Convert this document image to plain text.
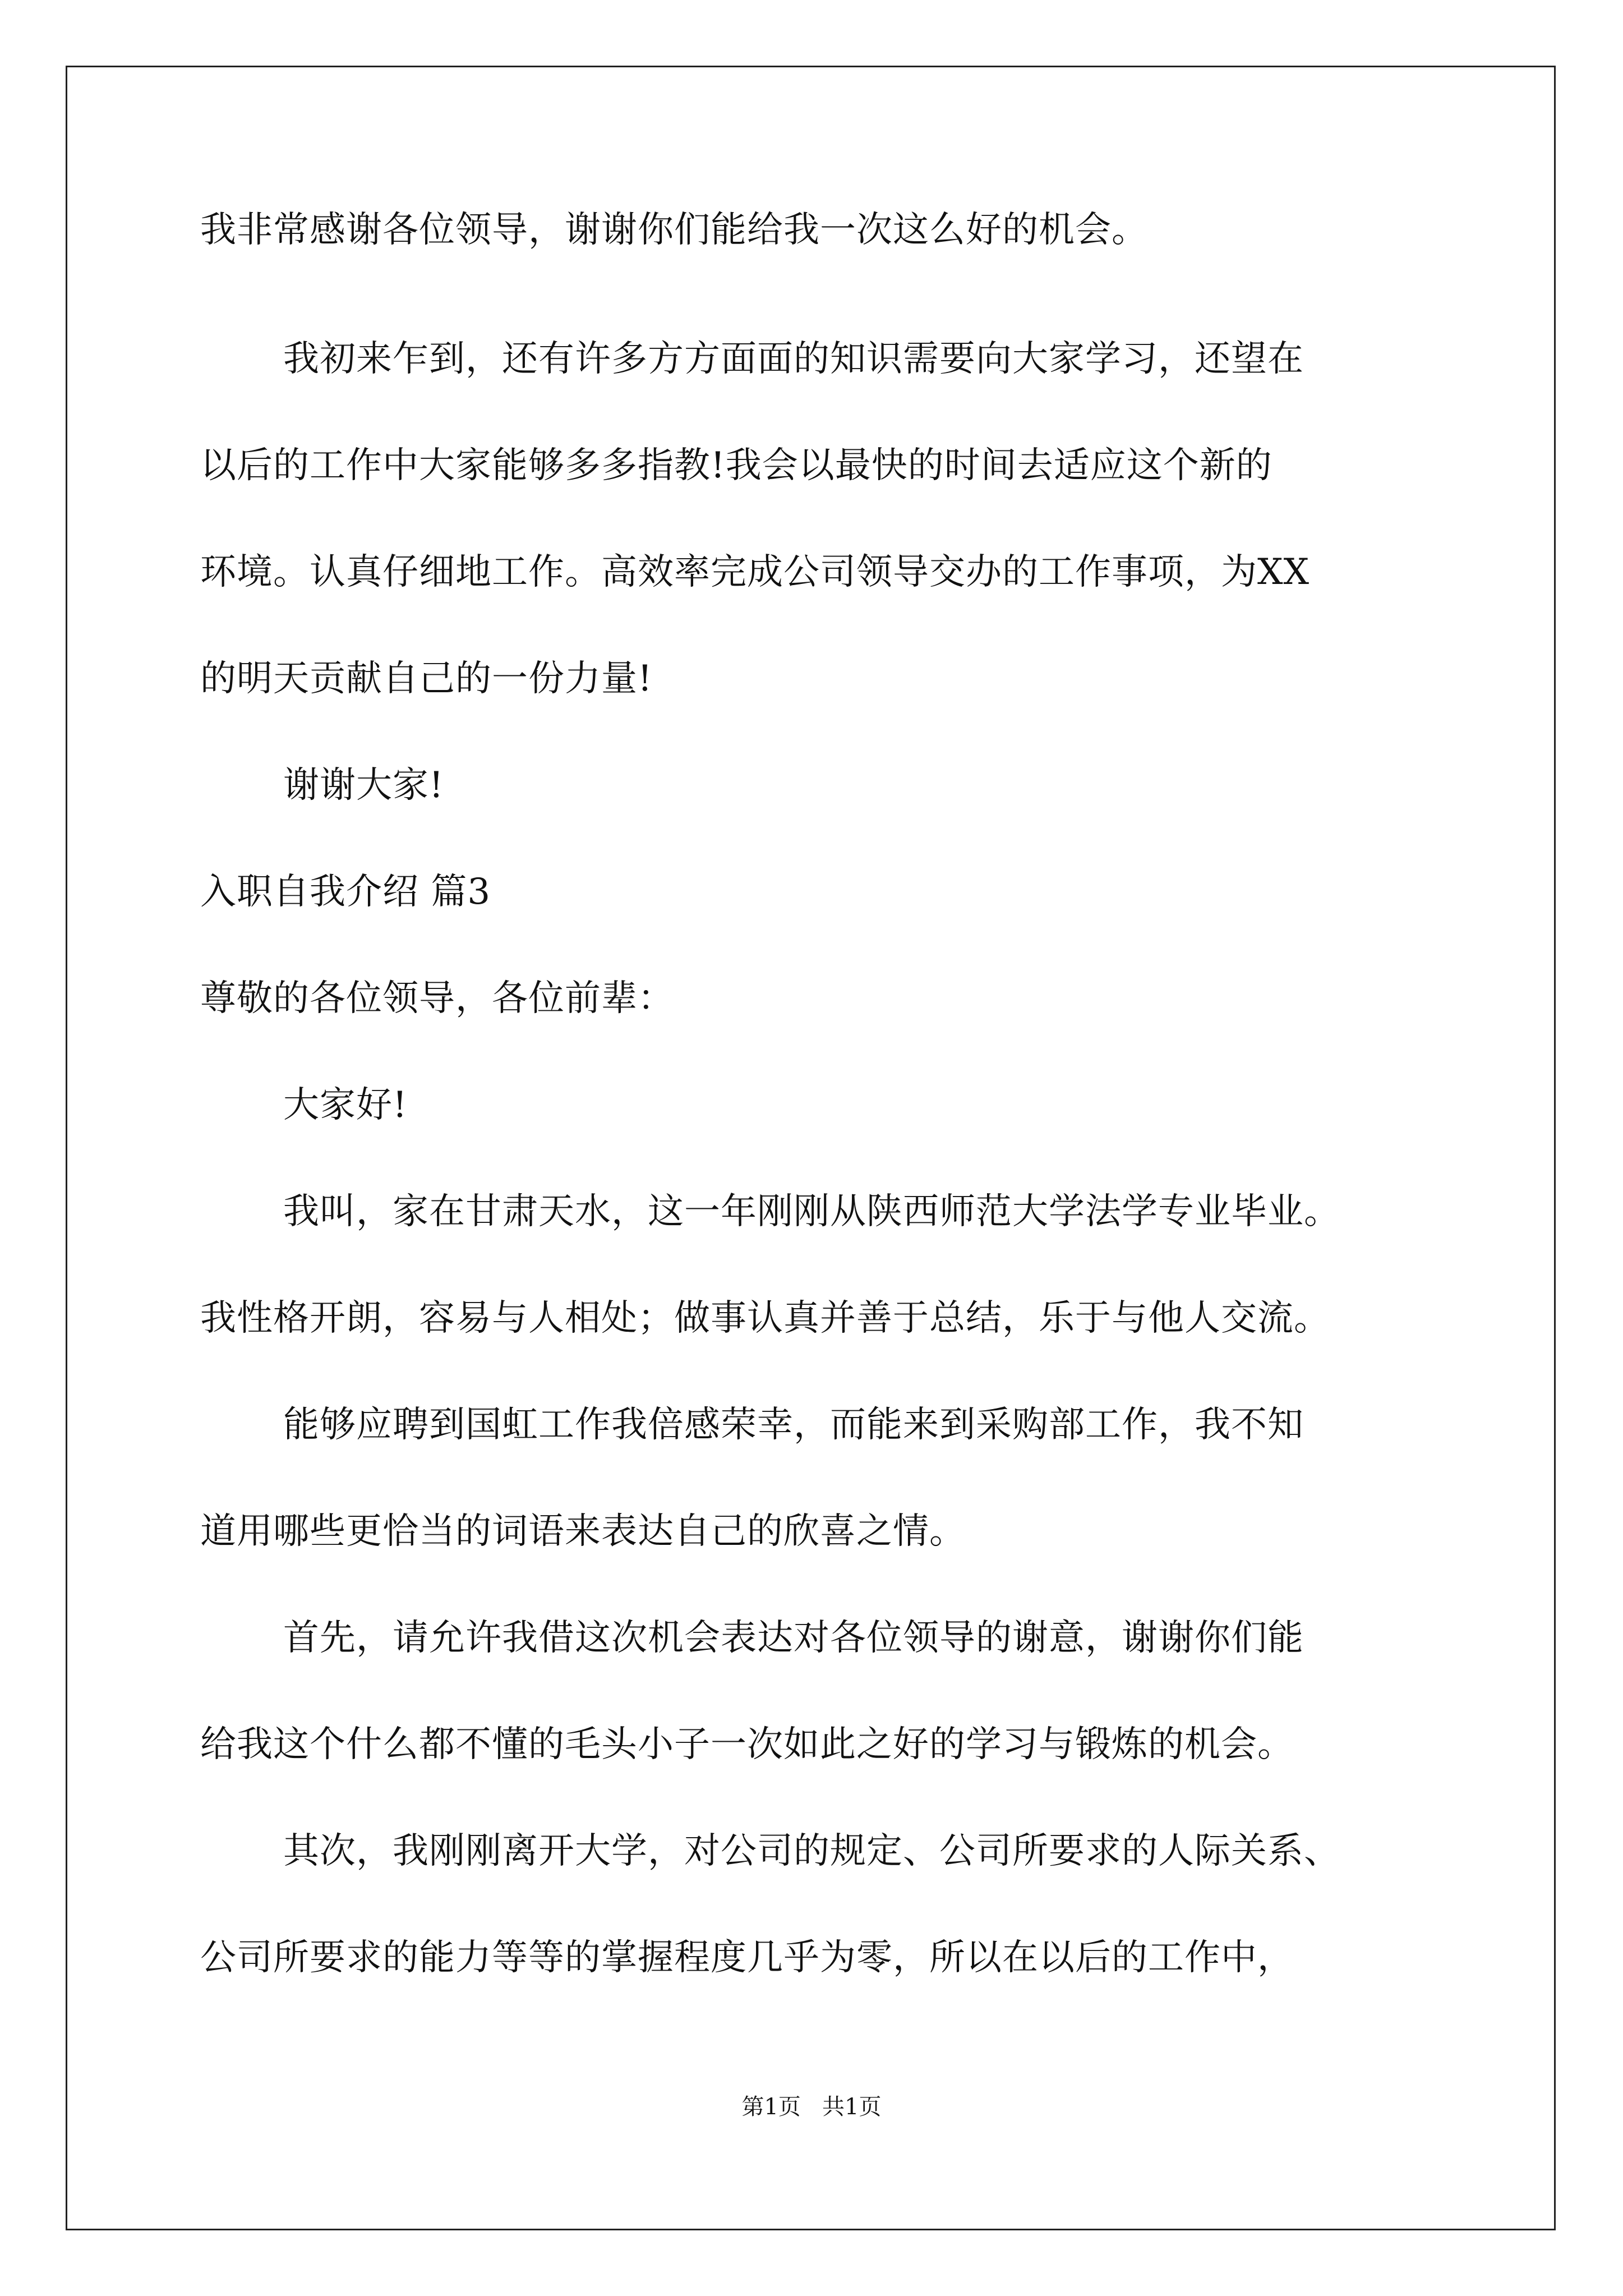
我非常感谢各位领导，谢谢你们能给我一次这么好的机会。
我初来乍到，还有许多方方面面的知识需要向大家学习，还望在
以后的工作中大家能够多多指教!我会以最快的时间去适应这个新的
环境。认真仔细地工作。高效率完成公司领导交办的工作事项，为XX
的明天贡献自己的一份力量!
谢谢大家!
入职自我介绍 篇3
尊敬的各位领导，各位前辈：
大家好!
我叫，家在甘肃天水，这一年刚刚从陕西师范大学法学专业毕业。
我性格开朗，容易与人相处；做事认真并善于总结，乐于与他人交流。
能够应聘到国虹工作我倍感荣幸，而能来到采购部工作，我不知
道用哪些更恰当的词语来表达自己的欣喜之情。
首先，请允许我借这次机会表达对各位领导的谢意，谢谢你们能
给我这个什么都不懂的毛头小子一次如此之好的学习与锻炼的机会。
其次，我刚刚离开大学，对公司的规定、公司所要求的人际关系、
公司所要求的能力等等的掌握程度几乎为零，所以在以后的工作中，
第1页   共1页
